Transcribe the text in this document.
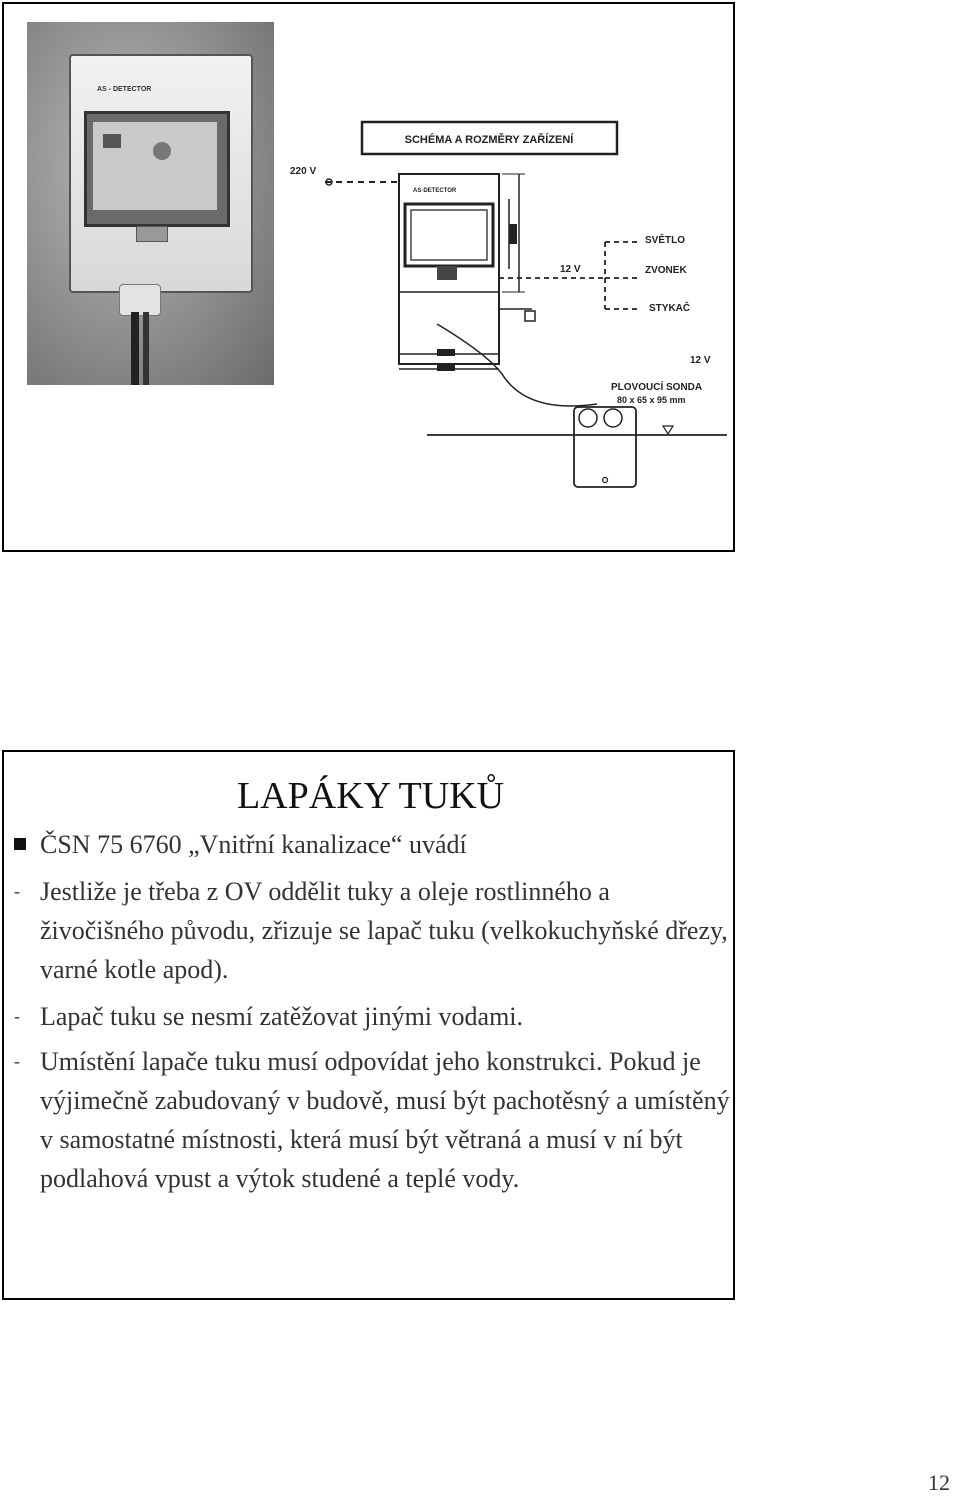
AS - DETECTOR
SCHÉMA A ROZMĚRY ZAŘÍZENÍ
220 V
AS·DETECTOR
12 V
SVĚTLO
ZVONEK
STYKAČ
12 V
PLOVOUCÍ SONDA
80 x 65 x 95 mm
LAPÁKY TUKŮ
ČSN 75 6760 „Vnitřní kanalizace“ uvádí
- Jestliže je třeba z OV oddělit tuky a oleje rostlinného a živočišného původu, zřizuje se lapač tuku (velkokuchyňské dřezy, varné kotle apod).
- Lapač tuku se nesmí zatěžovat jinými vodami.
- Umístění lapače tuku musí odpovídat jeho konstrukci. Pokud je výjimečně zabudovaný v budově, musí být pachotěsný a umístěný v samostatné místnosti, která musí být větraná a musí v ní být podlahová vpust a výtok studené a teplé vody.
12
